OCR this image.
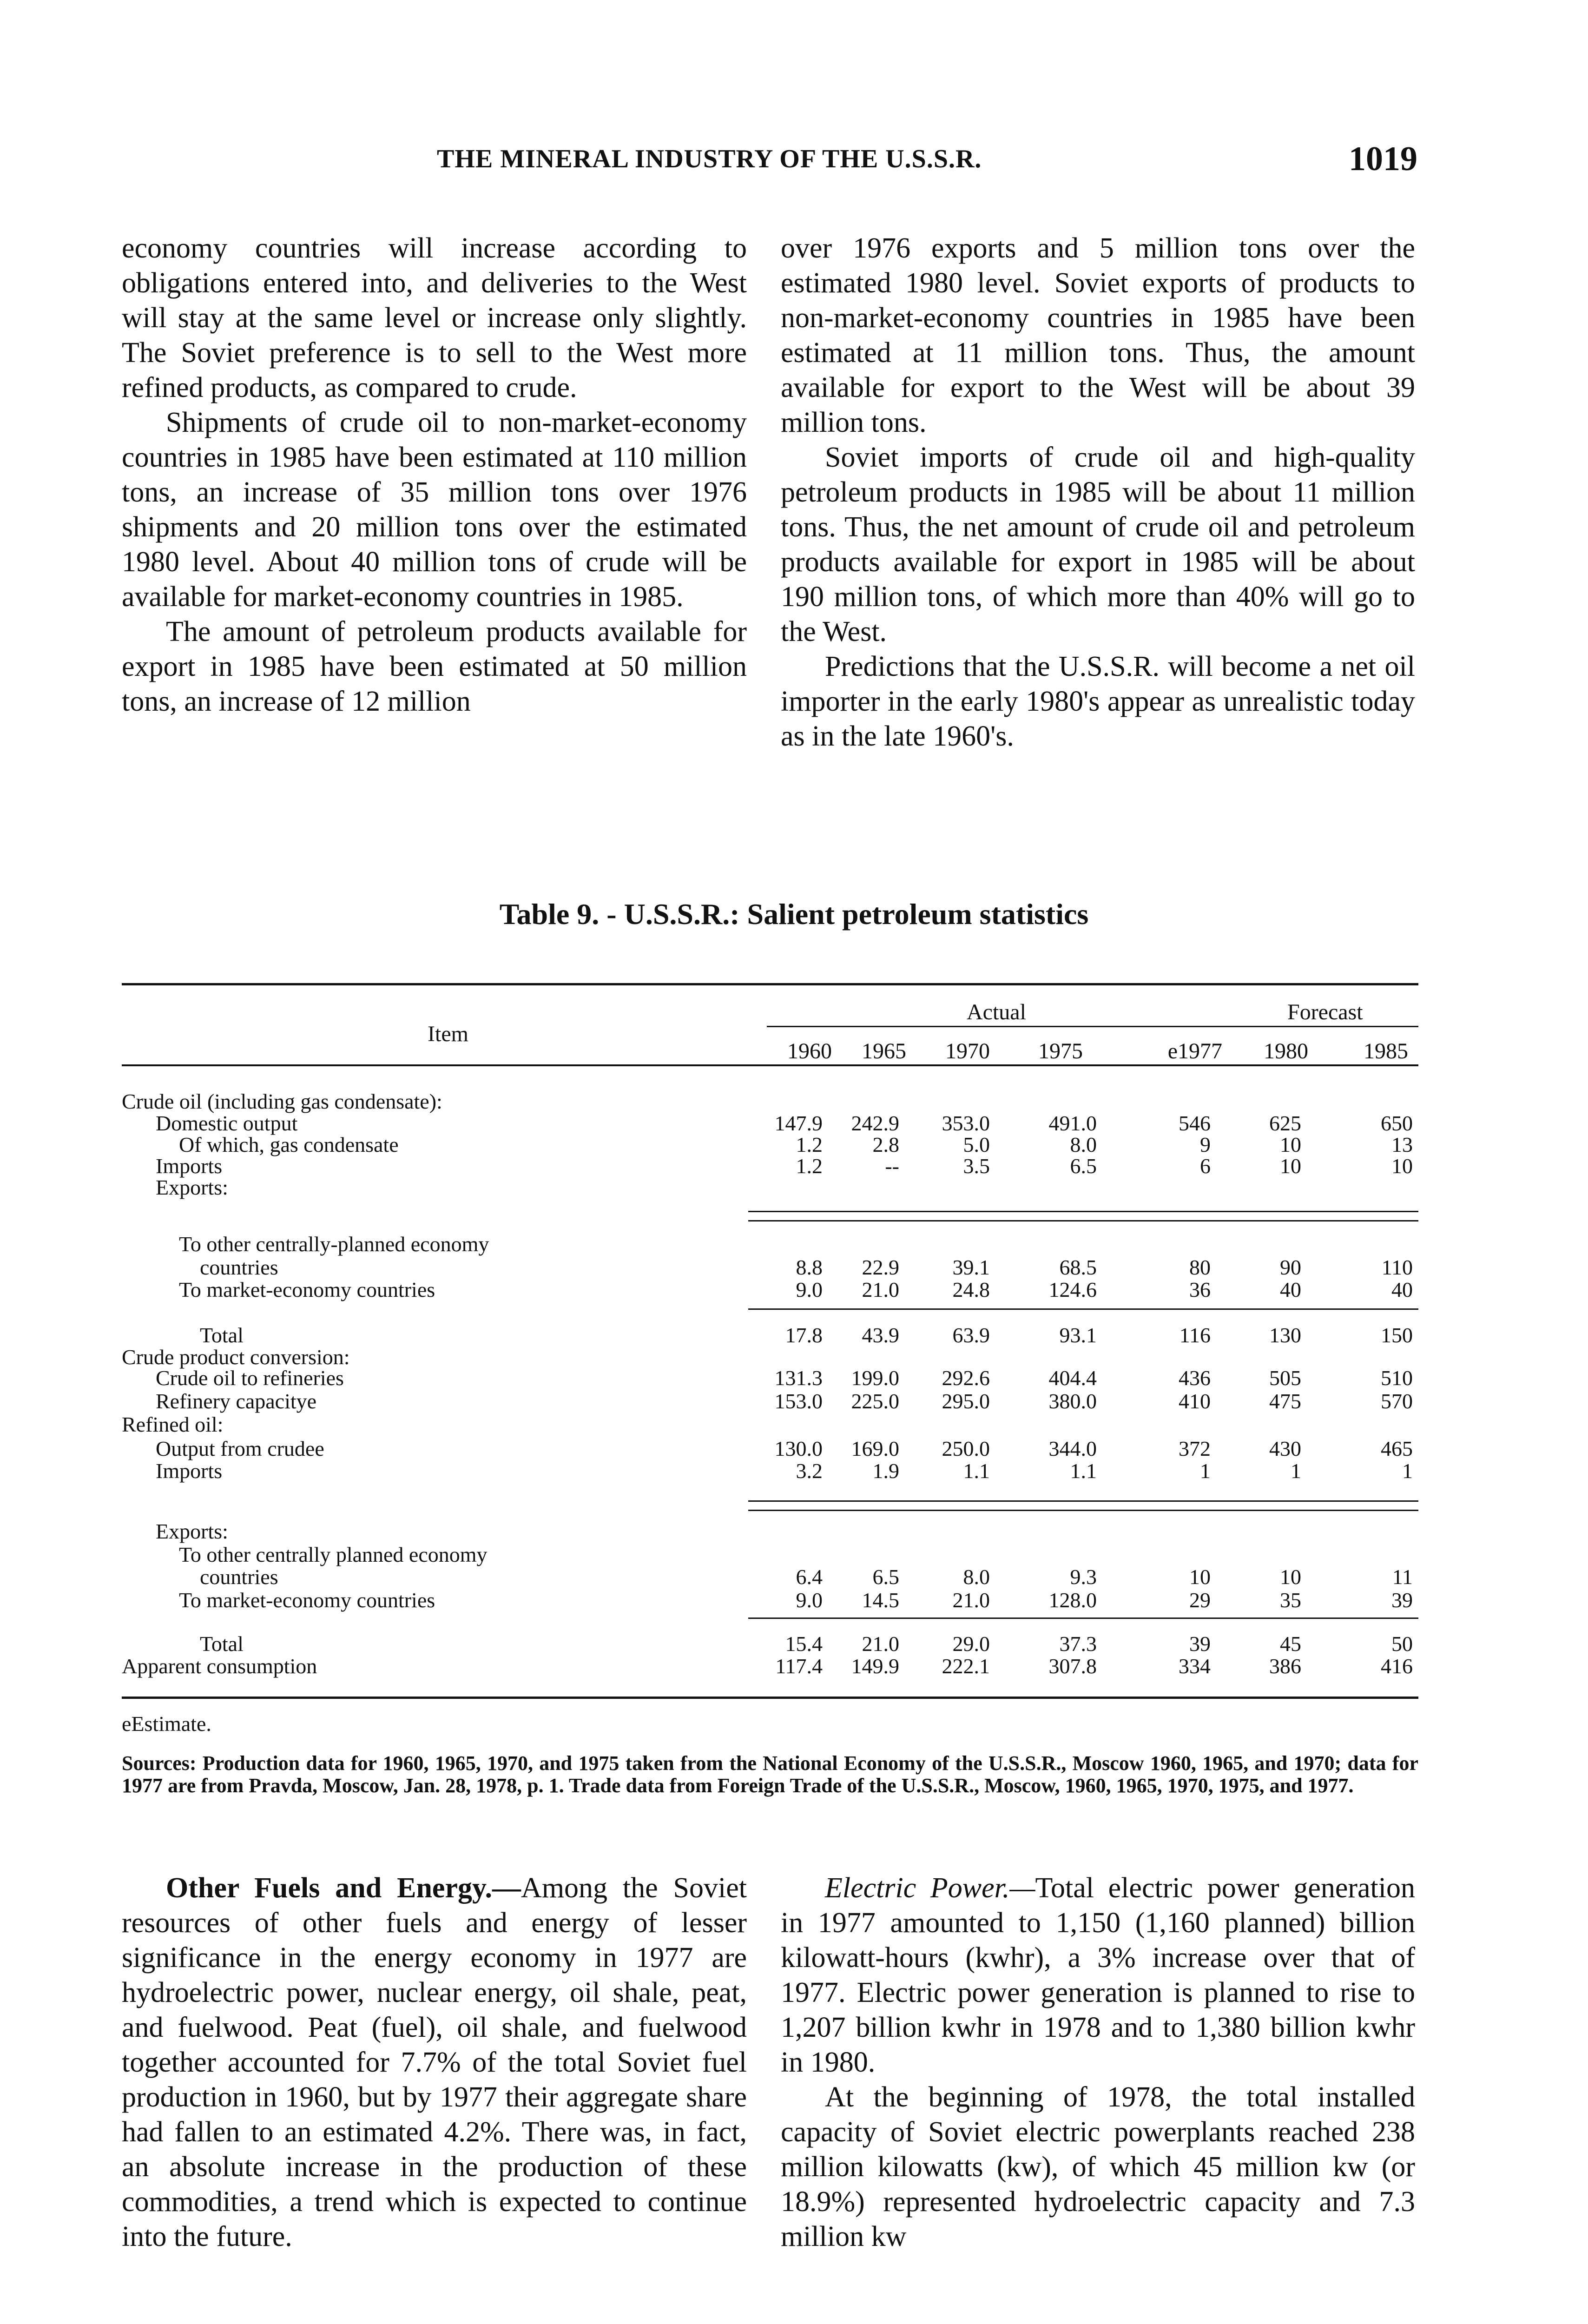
THE MINERAL INDUSTRY OF THE U.S.S.R.	1019

economy countries will increase according to obligations entered into, and deliveries to the West will stay at the same level or increase only slightly. The Soviet preference is to sell to the West more refined products, as compared to crude.

Shipments of crude oil to non-market-economy countries in 1985 have been estimated at 110 million tons, an increase of 35 million tons over 1976 shipments and 20 million tons over the estimated 1980 level. About 40 million tons of crude will be available for market-economy countries in 1985.

The amount of petroleum products available for export in 1985 have been estimated at 50 million tons, an increase of 12 million

over 1976 exports and 5 million tons over the estimated 1980 level. Soviet exports of products to non-market-economy countries in 1985 have been estimated at 11 million tons. Thus, the amount available for export to the West will be about 39 million tons.

Soviet imports of crude oil and high-quality petroleum products in 1985 will be about 11 million tons. Thus, the net amount of crude oil and petroleum products available for export in 1985 will be about 190 million tons, of which more than 40% will go to the West.

Predictions that the U.S.S.R. will become a net oil importer in the early 1980's appear as unrealistic today as in the late 1960's.

Table 9. - U.S.S.R.: Salient petroleum statistics
Item
Actual	Forecast
1960	1965	1970	1975	e1977	1980	1985
Crude oil (including gas condensate):
Domestic output	147.9	242.9	353.0	491.0	546	625	650
Of which, gas condensate	1.2	2.8	5.0	8.0	9	10	13
Imports	1.2	--	3.5	6.5	6	10	10
Exports:
To other centrally-planned economy
countries	8.8	22.9	39.1	68.5	80	90	110
To market-economy countries	9.0	21.0	24.8	124.6	36	40	40
Total	17.8	43.9	63.9	93.1	116	130	150
Crude product conversion:
Crude oil to refineries	131.3	199.0	292.6	404.4	436	505	510
Refinery capacitye	153.0	225.0	295.0	380.0	410	475	570
Refined oil:
Output from crudee	130.0	169.0	250.0	344.0	372	430	465
Imports	3.2	1.9	1.1	1.1	1	1	1
Exports:
To other centrally planned economy
countries	6.4	6.5	8.0	9.3	10	10	11
To market-economy countries	9.0	14.5	21.0	128.0	29	35	39
Total	15.4	21.0	29.0	37.3	39	45	50
Apparent consumption	117.4	149.9	222.1	307.8	334	386	416
eEstimate.
Sources: Production data for 1960, 1965, 1970, and 1975 taken from the National Economy of the U.S.S.R., Moscow 1960, 1965, and 1970; data for 1977 are from Pravda, Moscow, Jan. 28, 1978, p. 1. Trade data from Foreign Trade of the U.S.S.R., Moscow, 1960, 1965, 1970, 1975, and 1977.

Other Fuels and Energy.—Among the Soviet resources of other fuels and energy of lesser significance in the energy economy in 1977 are hydroelectric power, nuclear energy, oil shale, peat, and fuelwood. Peat (fuel), oil shale, and fuelwood together accounted for 7.7% of the total Soviet fuel production in 1960, but by 1977 their aggregate share had fallen to an estimated 4.2%. There was, in fact, an absolute increase in the production of these commodities, a trend which is expected to continue into the future.

Electric Power.—Total electric power generation in 1977 amounted to 1,150 (1,160 planned) billion kilowatt-hours (kwhr), a 3% increase over that of 1977. Electric power generation is planned to rise to 1,207 billion kwhr in 1978 and to 1,380 billion kwhr in 1980.

At the beginning of 1978, the total installed capacity of Soviet electric powerplants reached 238 million kilowatts (kw), of which 45 million kw (or 18.9%) represented hydroelectric capacity and 7.3 million kw
